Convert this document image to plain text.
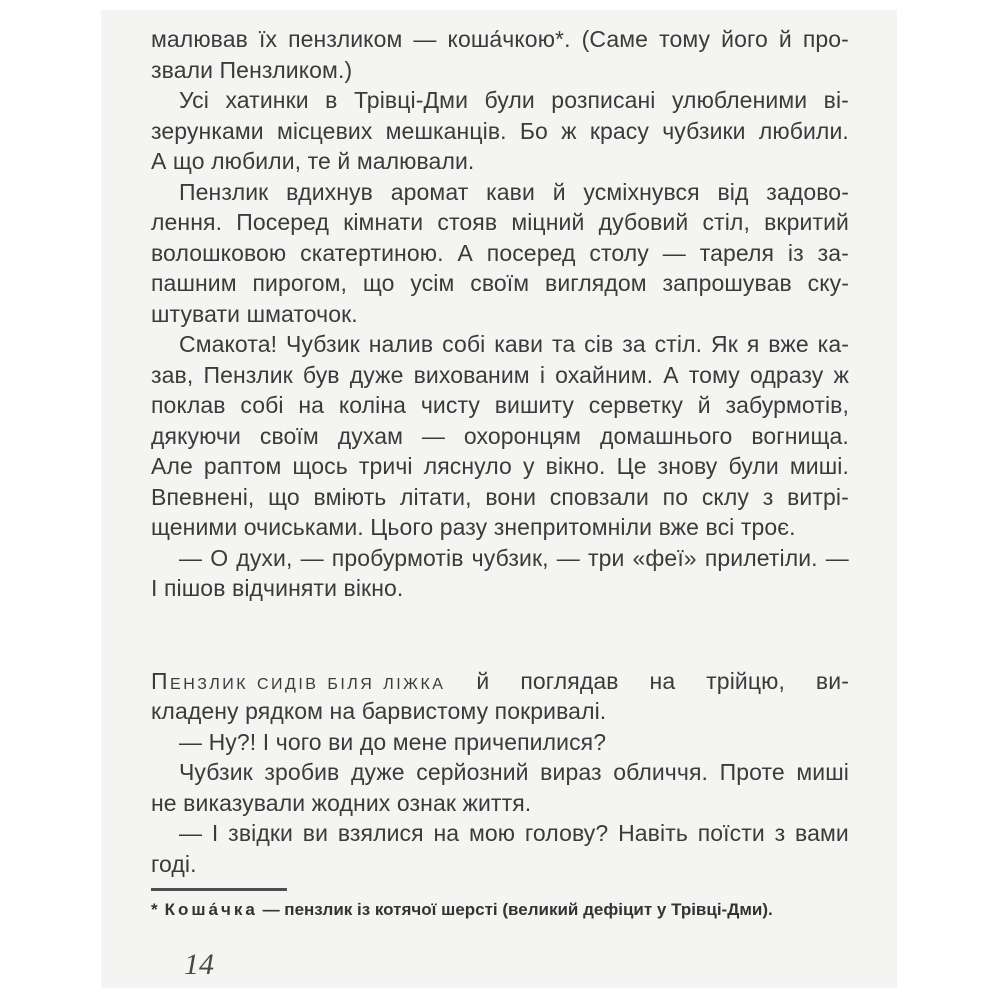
малював їх пензликом — коша́чкою*. (Саме тому його й про-
звали Пензликом.)
Усі хатинки в Трівці-Дми були розписані улюбленими ві-
зерунками місцевих мешканців. Бо ж красу чубзики любили.
А що любили, те й малювали.
Пензлик вдихнув аромат кави й усміхнувся від задово-
лення. Посеред кімнати стояв міцний дубовий стіл, вкритий
волошковою скатертиною. А посеред столу — тареля із за-
пашним пирогом, що усім своїм виглядом запрошував ску-
штувати шматочок.
Смакота! Чубзик налив собі кави та сів за стіл. Як я вже ка-
зав, Пензлик був дуже вихованим і охайним. А тому одразу ж
поклав собі на коліна чисту вишиту серветку й забурмотів,
дякуючи своїм духам — охоронцям домашнього вогнища.
Але раптом щось тричі ляснуло у вікно. Це знову були миші.
Впевнені, що вміють літати, вони сповзали по склу з витрі-
щеними очиськами. Цього разу знепритомніли вже всі троє.
— О духи, — пробурмотів чубзик, — три «феї» прилетіли. —
І пішов відчиняти вікно.
Пензлик сидів біля ліжка й поглядав на трійцю, ви-
кладену рядком на барвистому покривалі.
— Ну?! І чого ви до мене причепилися?
Чубзик зробив дуже серйозний вираз обличчя. Проте миші
не виказували жодних ознак життя.
— І звідки ви взялися на мою голову? Навіть поїсти з вами
годі.
* Коша́чка — пензлик із котячої шерсті (великий дефіцит у Трівці-Дми).
14
